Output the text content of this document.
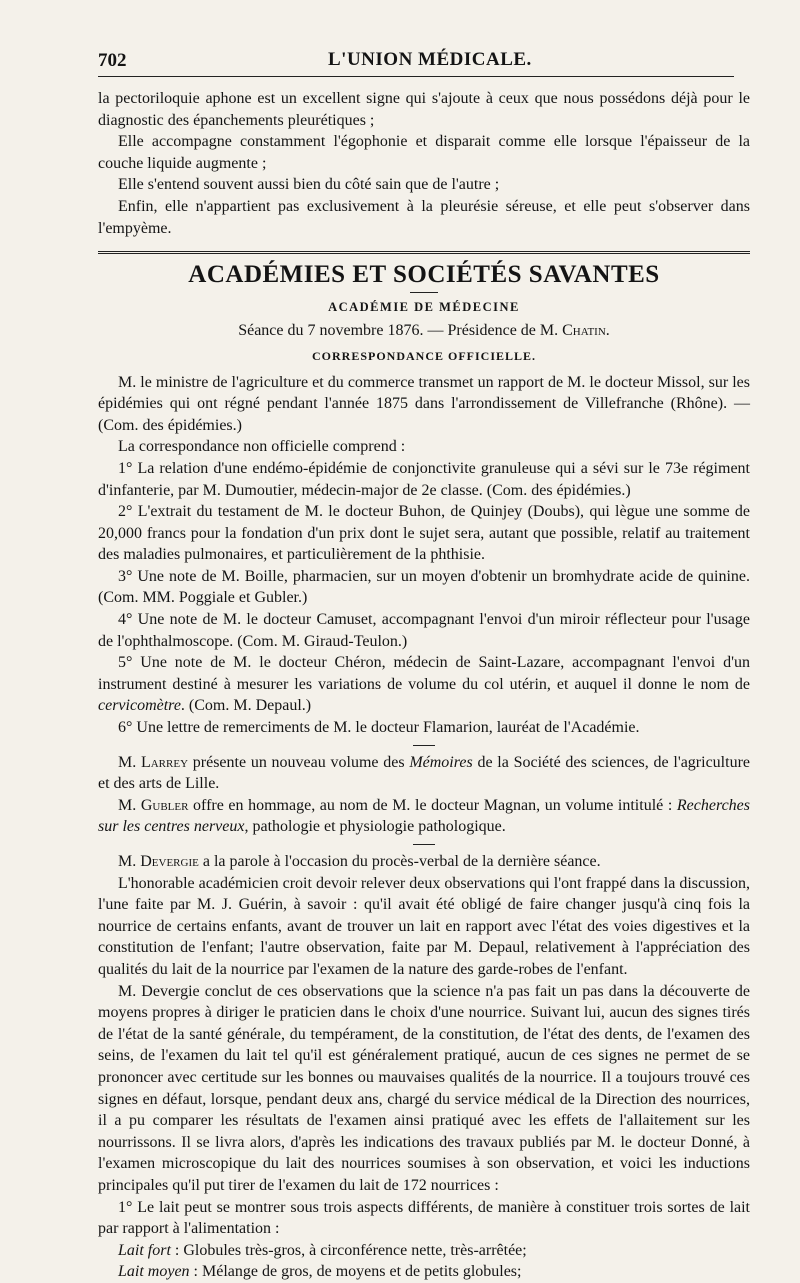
702	L'UNION MÉDICALE.

la pectoriloquie aphone est un excellent signe qui s'ajoute à ceux que nous possédons déjà pour le diagnostic des épanchements pleurétiques ;

Elle accompagne constamment l'égophonie et disparait comme elle lorsque l'épaisseur de la couche liquide augmente ;

Elle s'entend souvent aussi bien du côté sain que de l'autre ;

Enfin, elle n'appartient pas exclusivement à la pleurésie séreuse, et elle peut s'observer dans l'empyème.

ACADÉMIES ET SOCIÉTÉS SAVANTES
ACADÉMIE DE MÉDECINE
Séance du 7 novembre 1876. — Présidence de M. Chatin.
CORRESPONDANCE OFFICIELLE.

M. le ministre de l'agriculture et du commerce transmet un rapport de M. le docteur Missol, sur les épidémies qui ont régné pendant l'année 1875 dans l'arrondissement de Villefranche (Rhône). — (Com. des épidémies.)

La correspondance non officielle comprend :

1° La relation d'une endémo-épidémie de conjonctivite granuleuse qui a sévi sur le 73e régiment d'infanterie, par M. Dumoutier, médecin-major de 2e classe. (Com. des épidémies.)

2° L'extrait du testament de M. le docteur Buhon, de Quinjey (Doubs), qui lègue une somme de 20,000 francs pour la fondation d'un prix dont le sujet sera, autant que possible, relatif au traitement des maladies pulmonaires, et particulièrement de la phthisie.

3° Une note de M. Boille, pharmacien, sur un moyen d'obtenir un bromhydrate acide de quinine. (Com. MM. Poggiale et Gubler.)

4° Une note de M. le docteur Camuset, accompagnant l'envoi d'un miroir réflecteur pour l'usage de l'ophthalmoscope. (Com. M. Giraud-Teulon.)

5° Une note de M. le docteur Chéron, médecin de Saint-Lazare, accompagnant l'envoi d'un instrument destiné à mesurer les variations de volume du col utérin, et auquel il donne le nom de cervicomètre. (Com. M. Depaul.)

6° Une lettre de remerciments de M. le docteur Flamarion, lauréat de l'Académie.

M. Larrey présente un nouveau volume des Mémoires de la Société des sciences, de l'agriculture et des arts de Lille.

M. Gubler offre en hommage, au nom de M. le docteur Magnan, un volume intitulé : Recherches sur les centres nerveux, pathologie et physiologie pathologique.

M. Devergie a la parole à l'occasion du procès-verbal de la dernière séance.

L'honorable académicien croit devoir relever deux observations qui l'ont frappé dans la discussion, l'une faite par M. J. Guérin, à savoir : qu'il avait été obligé de faire changer jusqu'à cinq fois la nourrice de certains enfants, avant de trouver un lait en rapport avec l'état des voies digestives et la constitution de l'enfant; l'autre observation, faite par M. Depaul, relativement à l'appréciation des qualités du lait de la nourrice par l'examen de la nature des garde-robes de l'enfant.

M. Devergie conclut de ces observations que la science n'a pas fait un pas dans la découverte de moyens propres à diriger le praticien dans le choix d'une nourrice. Suivant lui, aucun des signes tirés de l'état de la santé générale, du tempérament, de la constitution, de l'état des dents, de l'examen des seins, de l'examen du lait tel qu'il est généralement pratiqué, aucun de ces signes ne permet de se prononcer avec certitude sur les bonnes ou mauvaises qualités de la nourrice. Il a toujours trouvé ces signes en défaut, lorsque, pendant deux ans, chargé du service médical de la Direction des nourrices, il a pu comparer les résultats de l'examen ainsi pratiqué avec les effets de l'allaitement sur les nourrissons. Il se livra alors, d'après les indications des travaux publiés par M. le docteur Donné, à l'examen microscopique du lait des nourrices soumises à son observation, et voici les inductions principales qu'il put tirer de l'examen du lait de 172 nourrices :

1° Le lait peut se montrer sous trois aspects différents, de manière à constituer trois sortes de lait par rapport à l'alimentation :

Lait fort : Globules très-gros, à circonférence nette, très-arrêtée;

Lait moyen : Mélange de gros, de moyens et de petits globules;
